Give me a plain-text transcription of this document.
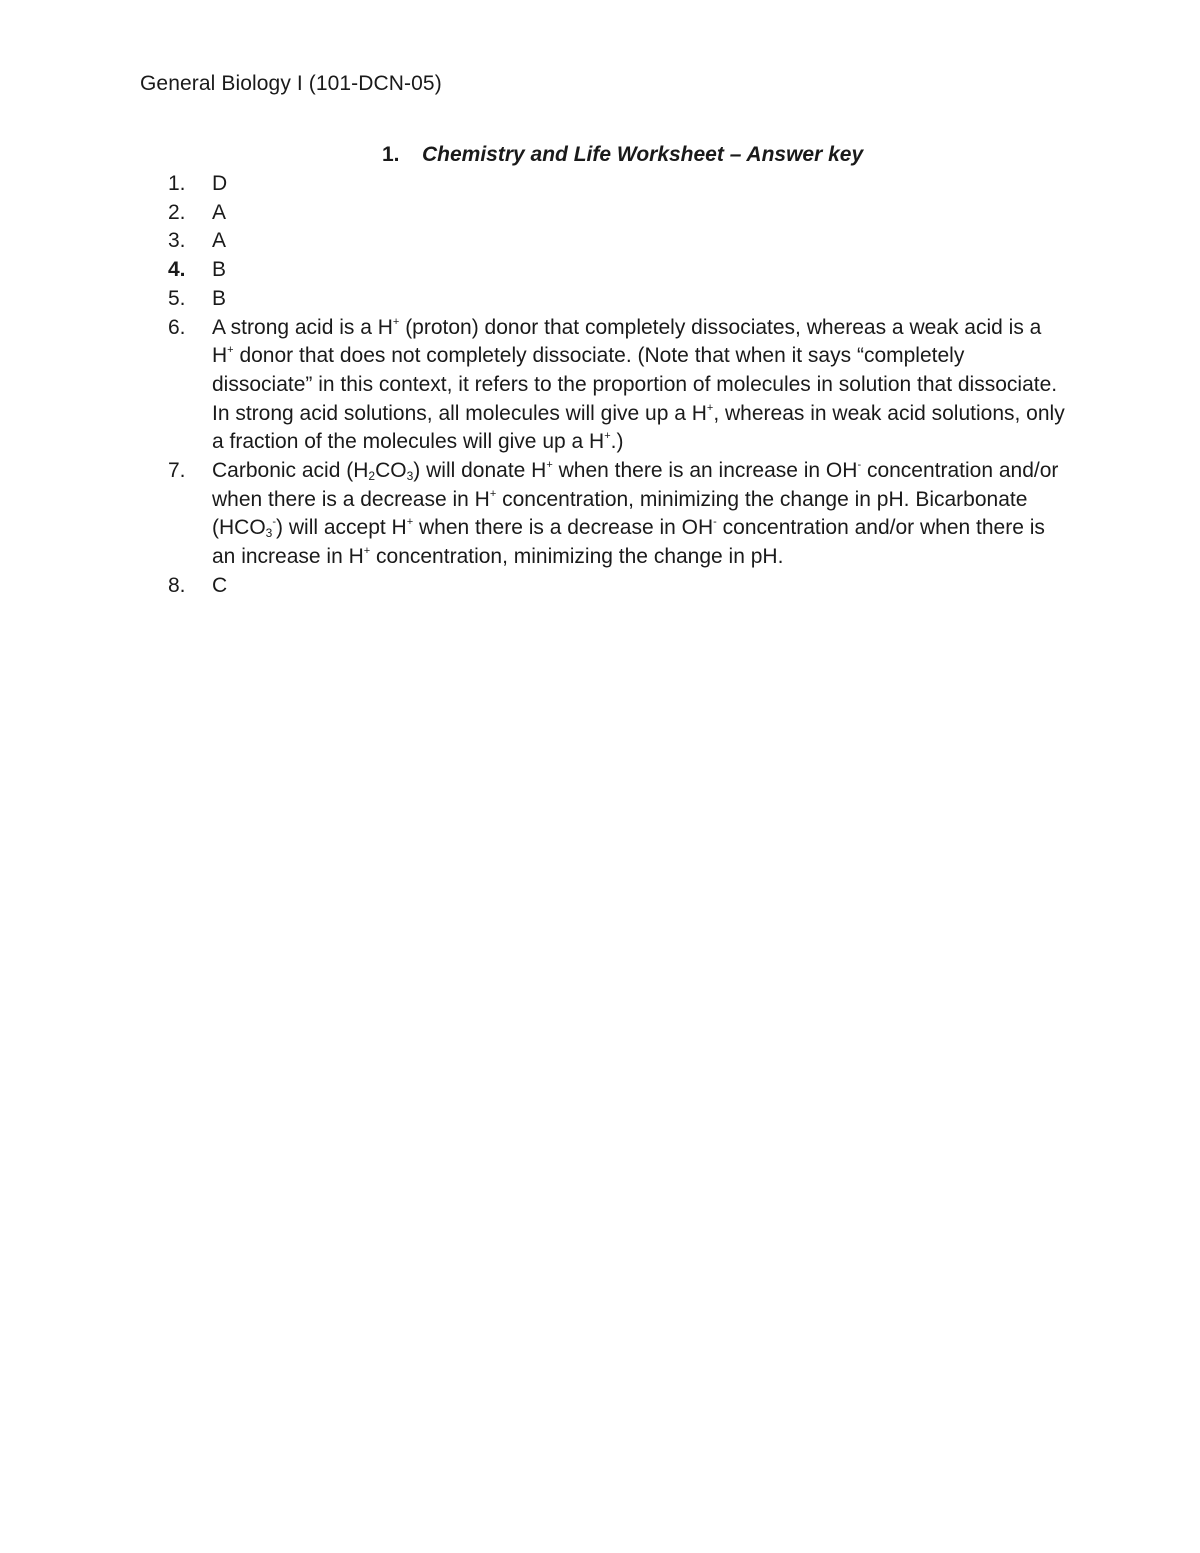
General Biology I (101-DCN-05)
1. Chemistry and Life Worksheet – Answer key
1. D
2. A
3. A
4. B
5. B
6. A strong acid is a H+ (proton) donor that completely dissociates, whereas a weak acid is a H+ donor that does not completely dissociate. (Note that when it says “completely dissociate” in this context, it refers to the proportion of molecules in solution that dissociate. In strong acid solutions, all molecules will give up a H+, whereas in weak acid solutions, only a fraction of the molecules will give up a H+.)
7. Carbonic acid $(H_2CO_3)$ will donate H+ when there is an increase in OH- concentration and/or when there is a decrease in H+ concentration, minimizing the change in pH. Bicarbonate $(HCO_3^-)$ will accept H+ when there is a decrease in OH- concentration and/or when there is an increase in H+ concentration, minimizing the change in pH.
8. C
